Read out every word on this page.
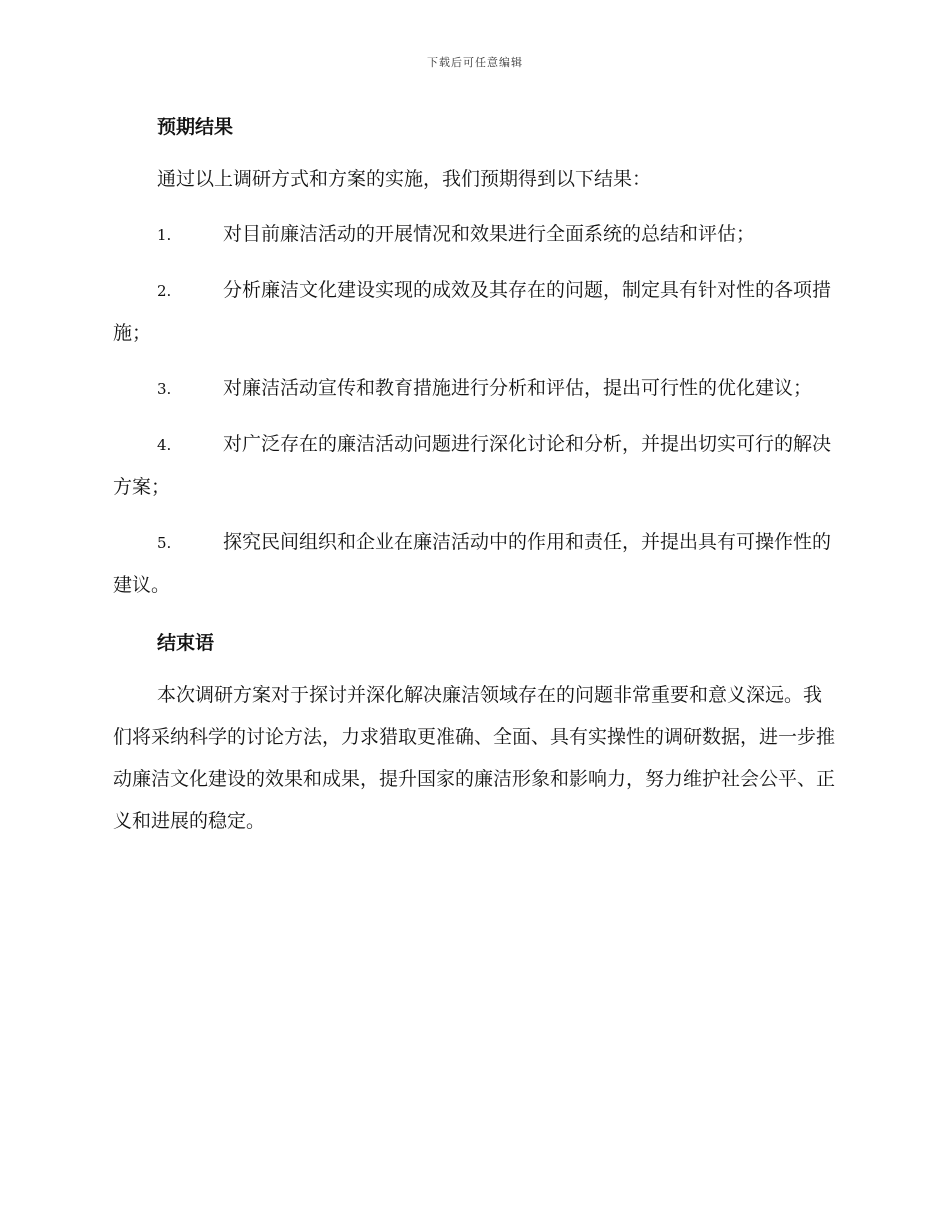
下载后可任意编辑
预期结果

通过以上调研方式和方案的实施，我们预期得到以下结果：

1.	对目前廉洁活动的开展情况和效果进行全面系统的总结和评估；

2.	分析廉洁文化建设实现的成效及其存在的问题，制定具有针对性的各项措施；

3.	对廉洁活动宣传和教育措施进行分析和评估，提出可行性的优化建议；

4.	对广泛存在的廉洁活动问题进行深化讨论和分析，并提出切实可行的解决方案；

5.	探究民间组织和企业在廉洁活动中的作用和责任，并提出具有可操作性的建议。

结束语

本次调研方案对于探讨并深化解决廉洁领域存在的问题非常重要和意义深远。我们将采纳科学的讨论方法，力求猎取更准确、全面、具有实操性的调研数据，进一步推动廉洁文化建设的效果和成果，提升国家的廉洁形象和影响力，努力维护社会公平、正义和进展的稳定。
